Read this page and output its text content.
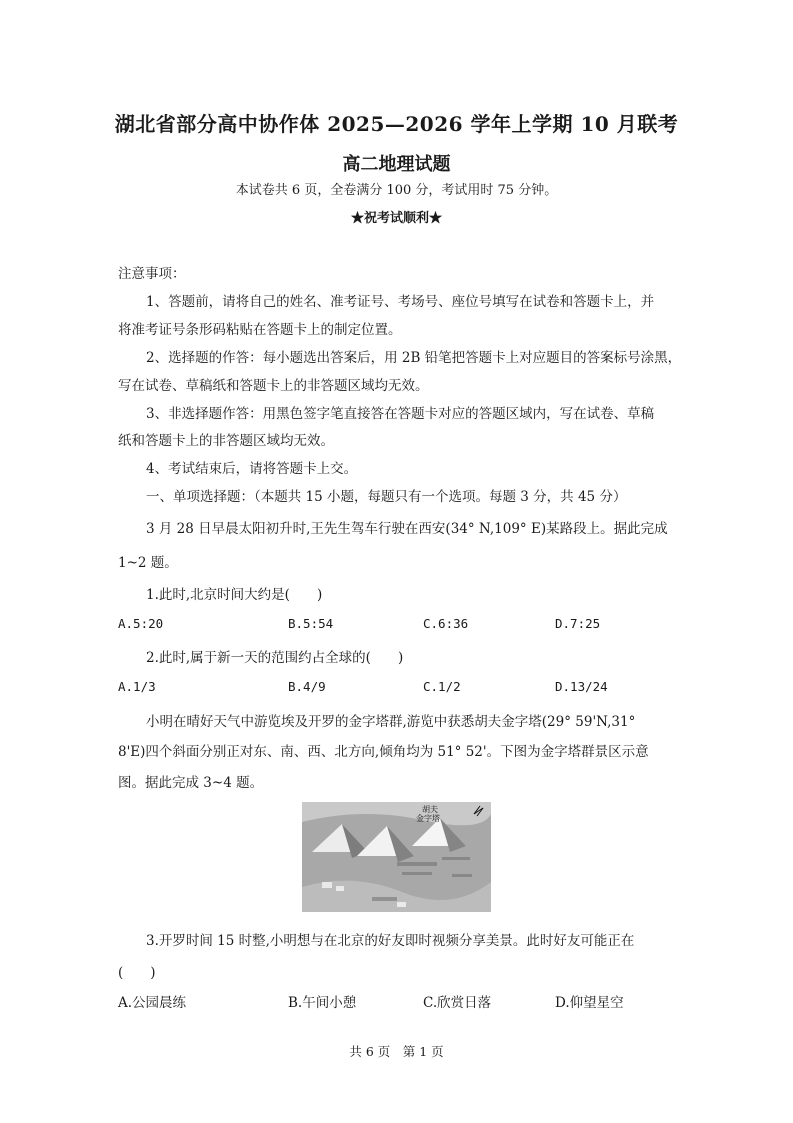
湖北省部分高中协作体 2025—2026 学年上学期 10 月联考
高二地理试题
本试卷共 6 页，全卷满分 100 分，考试用时 75 分钟。
★祝考试顺利★
注意事项：
1、答题前，请将自己的姓名、准考证号、考场号、座位号填写在试卷和答题卡上，并
将准考证号条形码粘贴在答题卡上的制定位置。
2、选择题的作答：每小题选出答案后，用 2B 铅笔把答题卡上对应题目的答案标号涂黑，
写在试卷、草稿纸和答题卡上的非答题区域均无效。
3、非选择题作答：用黑色签字笔直接答在答题卡对应的答题区域内，写在试卷、草稿
纸和答题卡上的非答题区域均无效。
4、考试结束后，请将答题卡上交。
一、单项选择题：（本题共 15 小题，每题只有一个选项。每题 3 分，共 45 分）
3 月 28 日早晨太阳初升时,王先生驾车行驶在西安(34° N,109° E)某路段上。据此完成
1~2 题。
1.此时,北京时间大约是(　　)
A.5:20	B.5:54	C.6:36	D.7:25
2.此时,属于新一天的范围约占全球的(　　)
A.1/3	B.4/9	C.1/2	D.13/24
小明在晴好天气中游览埃及开罗的金字塔群,游览中获悉胡夫金字塔(29° 59'N,31°
8'E)四个斜面分别正对东、南、西、北方向,倾角均为 51° 52'。下图为金字塔群景区示意
图。据此完成 3~4 题。
胡夫
金字塔
3.开罗时间 15 时整,小明想与在北京的好友即时视频分享美景。此时好友可能正在
(　　)
A.公园晨练	B.午间小憩	C.欣赏日落	D.仰望星空
共 6 页　第 1 页
